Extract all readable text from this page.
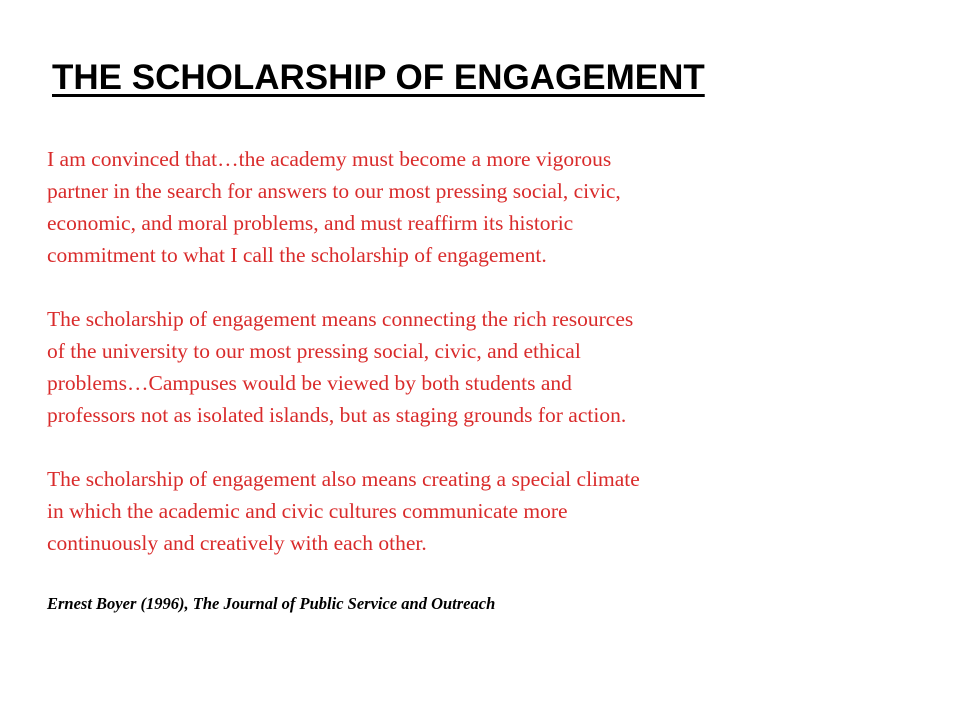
THE SCHOLARSHIP OF ENGAGEMENT

I am convinced that…the academy must become a more vigorous
partner in the search for answers to our most pressing social, civic,
economic, and moral problems, and must reaffirm its historic
commitment to what I call the scholarship of engagement.

The scholarship of engagement means connecting the rich resources
of the university to our most pressing social, civic, and ethical
problems…Campuses would be viewed by both students and
professors not as isolated islands, but as staging grounds for action.

The scholarship of engagement also means creating a special climate
in which the academic and civic cultures communicate more
continuously and creatively with each other.

Ernest Boyer (1996), The Journal of Public Service and Outreach
